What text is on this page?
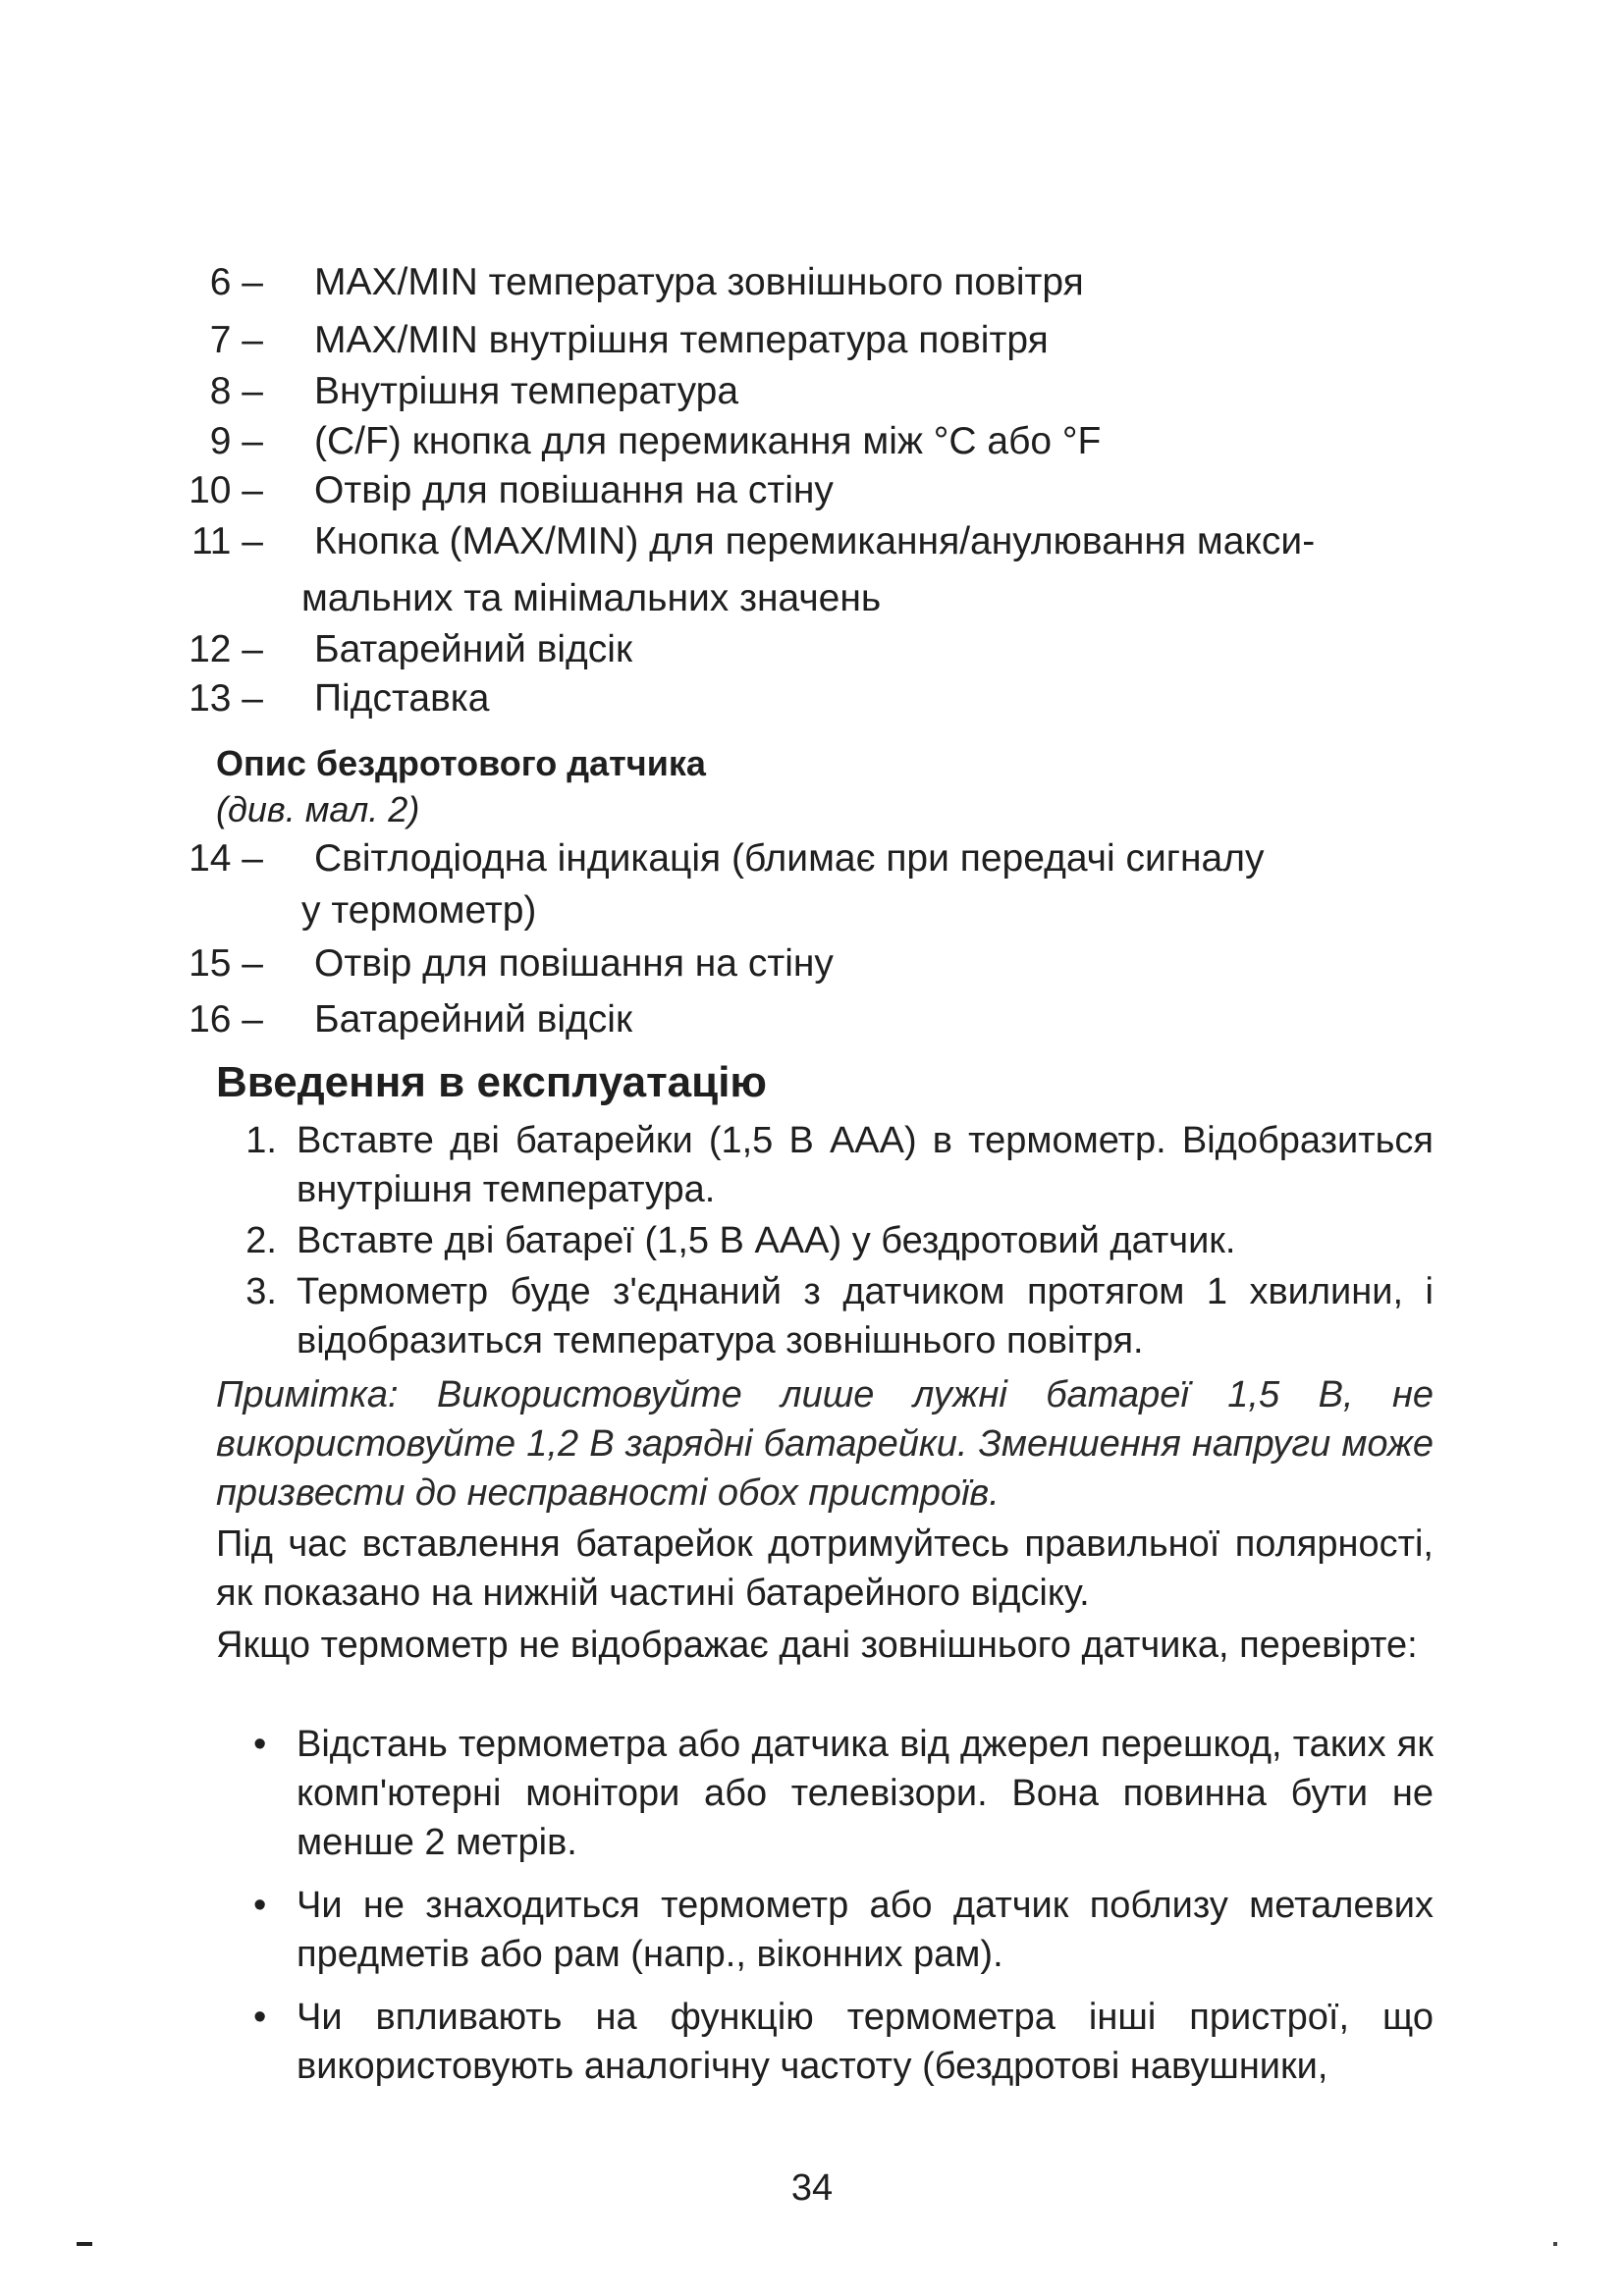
6 – MAX/MIN температура зовнішнього повітря
7 – MAX/MIN внутрішня температура повітря
8 – Внутрішня температура
9 – (C/F) кнопка для перемикання між °C або °F
10 – Отвір для повішання на стіну
11 – Кнопка (MAX/MIN) для перемикання/анулювання макси-
мальних та мінімальних значень
12 – Батарейний відсік
13 – Підставка
Опис бездротового датчика
(див. мал. 2)
14 – Світлодіодна індикація (блимає при передачі сигналу
у термометр)
15 – Отвір для повішання на стіну
16 – Батарейний відсік
Введення в експлуатацію
1. Вставте дві батарейки (1,5 В AAA) в термометр. Відобразиться внутрішня температура.
2. Вставте дві батареї (1,5 В AAA) у бездротовий датчик.
3. Термометр буде з'єднаний з датчиком протягом 1 хвилини, і відобразиться температура зовнішнього повітря.

Примітка: Використовуйте лише лужні батареї 1,5 В, не використовуйте 1,2 В зарядні батарейки. Зменшення напруги може призвести до несправності обох пристроїв.

Під час вставлення батарейок дотримуйтесь правильної полярності, як показано на нижній частині батарейного відсіку.

Якщо термометр не відображає дані зовнішнього датчика, перевірте:

• Відстань термометра або датчика від джерел перешкод, таких як комп'ютерні монітори або телевізори. Вона повинна бути не менше 2 метрів.
• Чи не знаходиться термометр або датчик поблизу металевих предметів або рам (напр., віконних рам).
• Чи впливають на функцію термометра інші пристрої, що використовують аналогічну частоту (бездротові навушники,
34
